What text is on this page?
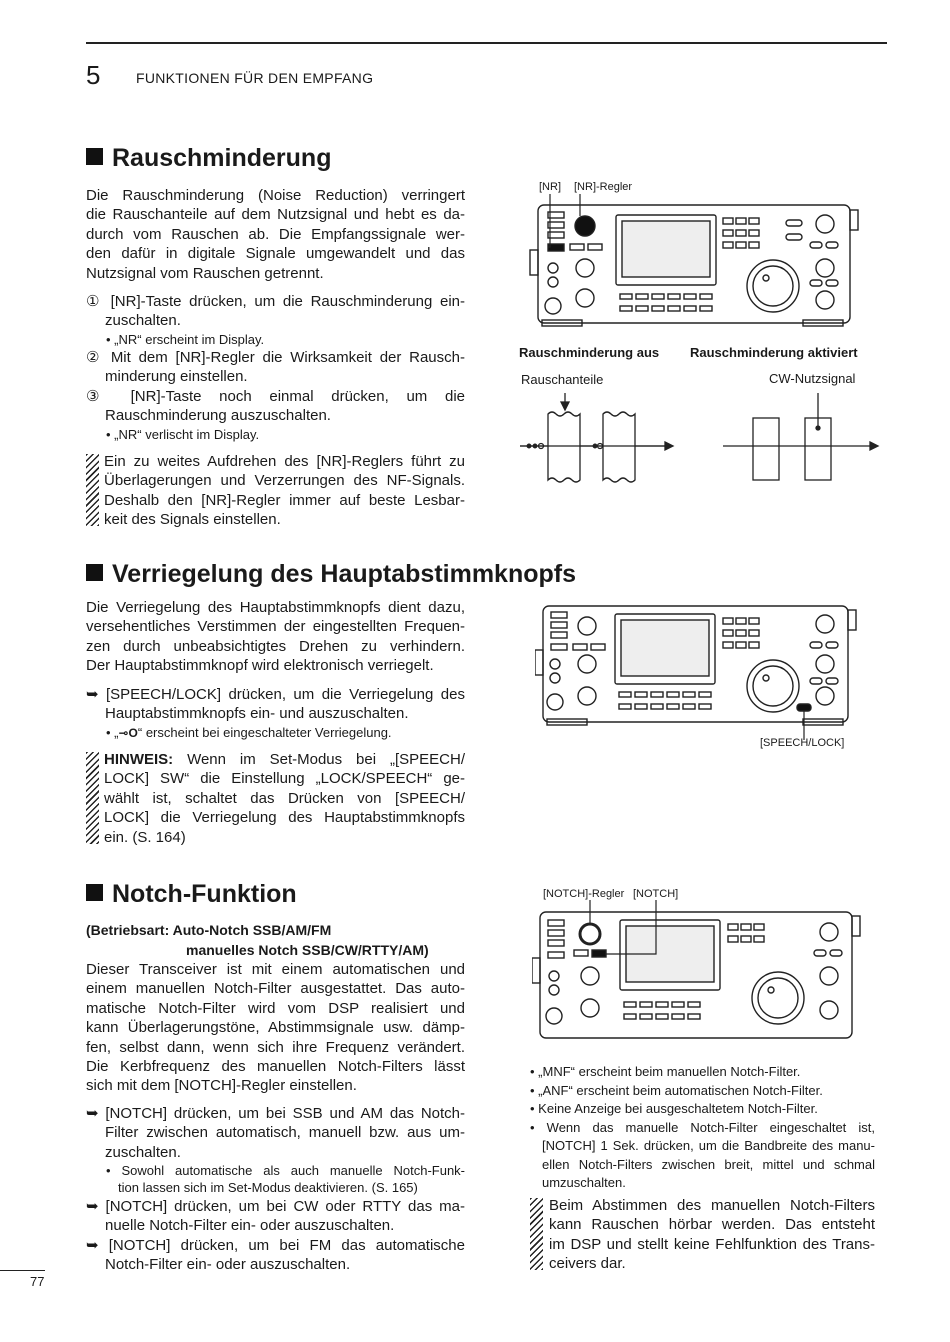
5	FUNKTIONEN FÜR DEN EMPFANG
Rauschminderung
Die Rauschminderung (Noise Reduction) verringert
die Rauschanteile auf dem Nutzsignal und hebt es da-
durch vom Rauschen ab. Die Empfangssignale wer-
den dafür in digitale Signale umgewandelt und das
Nutzsignal vom Rauschen getrennt.
① [NR]-Taste drücken, um die Rauschminderung ein-
zuschalten.
• „NR“ erscheint im Display.
② Mit dem [NR]-Regler die Wirksamkeit der Rausch-
minderung einstellen.
③ [NR]-Taste noch einmal drücken, um die
Rauschminderung auszuschalten.
• „NR“ verlischt im Display.
Ein zu weites Aufdrehen des [NR]-Reglers führt zu
Überlagerungen und Verzerrungen des NF-Signals.
Deshalb den [NR]-Regler immer auf beste Lesbar-
keit des Signals einstellen.
[NR] [NR]-Regler
Rauschminderung aus Rauschminderung aktiviert
Rauschanteile	CW-Nutzsignal
Verriegelung des Hauptabstimmknopfs
Die Verriegelung des Hauptabstimmknopfs dient dazu,
versehentliches Verstimmen der eingestellten Frequen-
zen durch unbeabsichtigtes Drehen zu verhindern.
Der Hauptabstimmknopf wird elektronisch verriegelt.
➥ [SPEECH/LOCK] drücken, um die Verriegelung des
Hauptabstimmknopfs ein- und auszuschalten.
• „⊸O“ erscheint bei eingeschalteter Verriegelung.
HINWEIS: Wenn im Set-Modus bei „[SPEECH/
LOCK] SW“ die Einstellung „LOCK/SPEECH“ ge-
wählt ist, schaltet das Drücken von [SPEECH/
LOCK] die Verriegelung des Hauptabstimmknopfs
ein. (S. 164)
[SPEECH/LOCK]
Notch-Funktion
(Betriebsart: Auto-Notch SSB/AM/FM
manuelles Notch SSB/CW/RTTY/AM)
Dieser Transceiver ist mit einem automatischen und
einem manuellen Notch-Filter ausgestattet. Das auto-
matische Notch-Filter wird vom DSP realisiert und
kann Überlagerungstöne, Abstimmsignale usw. dämp-
fen, selbst dann, wenn sich ihre Frequenz verändert.
Die Kerbfrequenz des manuellen Notch-Filters lässt
sich mit dem [NOTCH]-Regler einstellen.
➥ [NOTCH] drücken, um bei SSB und AM das Notch-
Filter zwischen automatisch, manuell bzw. aus um-
zuschalten.
• Sowohl automatische als auch manuelle Notch-Funk-
tion lassen sich im Set-Modus deaktivieren. (S. 165)
➥ [NOTCH] drücken, um bei CW oder RTTY das ma-
nuelle Notch-Filter ein- oder auszuschalten.
➥ [NOTCH] drücken, um bei FM das automatische
Notch-Filter ein- oder auszuschalten.
[NOTCH]-Regler [NOTCH]
• „MNF“ erscheint beim manuellen Notch-Filter.
• „ANF“ erscheint beim automatischen Notch-Filter.
• Keine Anzeige bei ausgeschaltetem Notch-Filter.
• Wenn das manuelle Notch-Filter eingeschaltet ist,
[NOTCH] 1 Sek. drücken, um die Bandbreite des manu-
ellen Notch-Filters zwischen breit, mittel und schmal
umzuschalten.
Beim Abstimmen des manuellen Notch-Filters
kann Rauschen hörbar werden. Das entsteht
im DSP und stellt keine Fehlfunktion des Trans-
ceivers dar.
77
